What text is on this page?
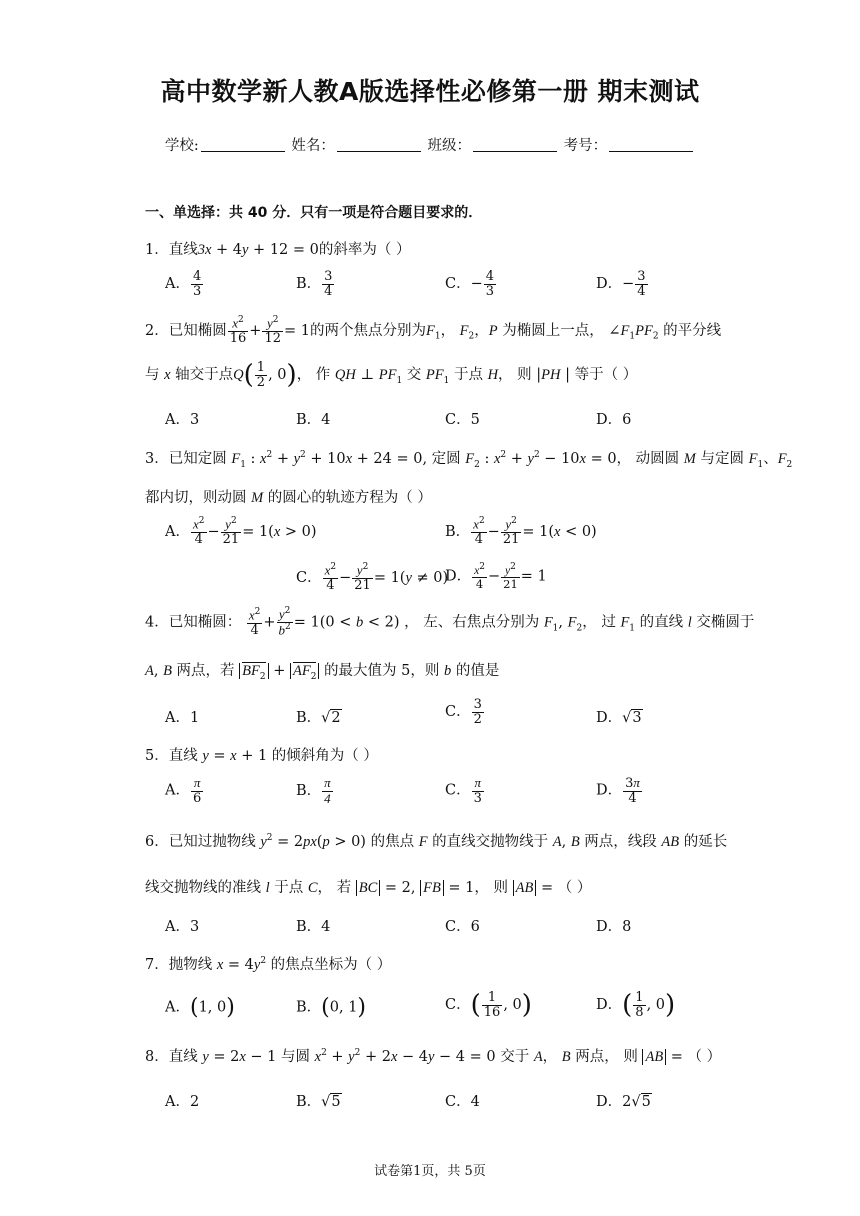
高中数学新人教A版选择性必修第一册 期末测试
学校:	姓名：	班级：	考号：
一、单选择：共 40 分．只有一项是符合题目要求的．
1．直线3x + 4y + 12 = 0的斜率为（ ）
A． $\frac{4}{3}$	B． $\frac{3}{4}$	C．− $\frac{4}{3}$	D．− $\frac{3}{4}$
2．已知椭圆 $\frac{x^2}{16} + \frac{y^2}{12} = 1$的两个焦点分别为$F_1$， $F_2$，P 为椭圆上一点， $\angle F_1PF_2$ 的平分线
与 x 轴交于点$Q( \frac{1}{2}$ , 0)， 作 QH ⊥ $PF_1$ 交 $PF_1$ 于点 H， 则 |PH | 等于（ ）
A．3	B．4	C．5	D．6
3．已知定圆 $F_1$ : $x^2 + y^2 + 10x + 24 = 0$, 定圆 $F_2$ : $x^2 + y^2 - 10x = 0$， 动圆圆 M 与定圆 $F_1$、$F_2$
都内切，则动圆 M 的圆心的轨迹方程为（ ）
A． $\frac{x^2}{4} - \frac{y^2}{21} = 1(x > 0)$	B． $\frac{x^2}{4} - \frac{y^2}{21} = 1(x < 0)$
C． $\frac{x^2}{4} - \frac{y^2}{21} = 1(y \ne 0)$
D． $\frac{x^2}{4} - \frac{y^2}{21} = 1$
4．已知椭圆： $\frac{x^2}{4} + \frac{y^2}{b^2} = 1(0 < b < 2)$ ， 左、右焦点分别为 $F_1$, $F_2$， 过 $F_1$ 的直线 l 交椭圆于
A, B 两点，若 $BF_2 + AF_2$ 的最大值为 5，则 b 的值是
A．1	B．√2	C． $\frac{3}{2}$	D．√3
5．直线 y = x + 1 的倾斜角为（ ）
A． $\frac{\pi}{6}$	B． $\frac{\pi}{4}$	C． $\frac{\pi}{3}$	D． $\frac{3\pi}{4}$
6．已知过抛物线 $y^2 = 2px(p > 0)$ 的焦点 F 的直线交抛物线于 A, B 两点，线段 AB 的延长
线交抛物线的准线 l 于点 C， 若 BC = 2, FB = 1， 则 AB = （ ）
A．3	B．4	C．6	D．8
7．抛物线 $x = 4y^2$ 的焦点坐标为（ ）
A．(1, 0)	B．(0, 1)	C．( $\frac{1}{16}$ , 0)	D．( $\frac{1}{8}$ , 0)
8．直线 y = 2x − 1 与圆 $x^2 + y^2 + 2x - 4y - 4 = 0$ 交于 A， B 两点， 则 AB = （ ）
A．2	B．√5	C．4	D．2√5
试卷第1页，共 5页
